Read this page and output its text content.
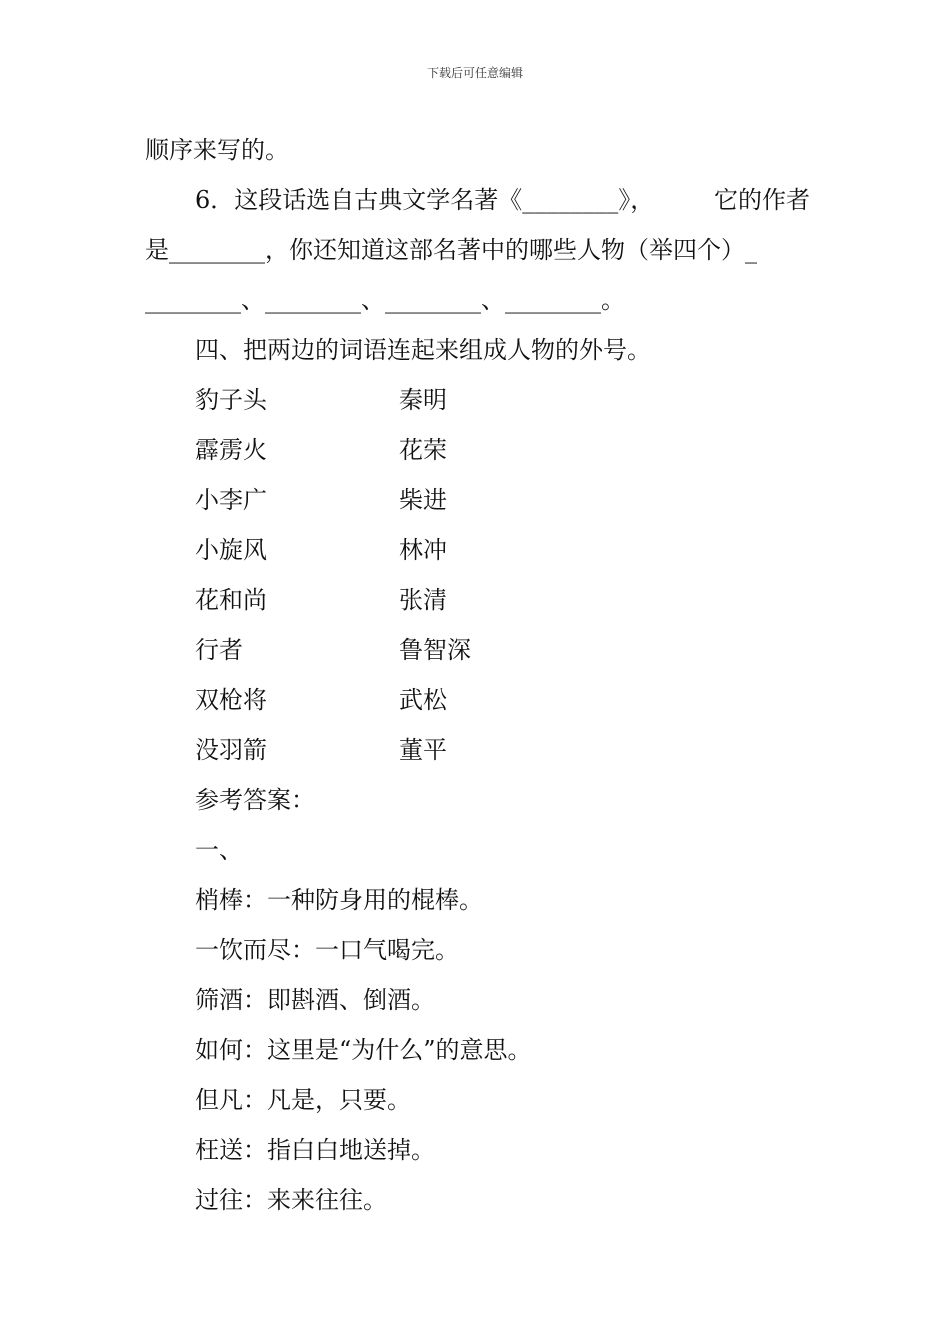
下载后可任意编辑
顺序来写的。
6．这段话选自古典文学名著《________》， 它的作者
是________，你还知道这部名著中的哪些人物（举四个）_
________、________、________、________。
四、把两边的词语连起来组成人物的外号。
豹子头	秦明
霹雳火	花荣
小李广	柴进
小旋风	林冲
花和尚	张清
行者	鲁智深
双枪将	武松
没羽箭	董平
参考答案：
一、
梢棒：一种防身用的棍棒。
一饮而尽：一口气喝完。
筛酒：即斟酒、倒酒。
如何：这里是“为什么”的意思。
但凡：凡是，只要。
枉送：指白白地送掉。
过往：来来往往。
